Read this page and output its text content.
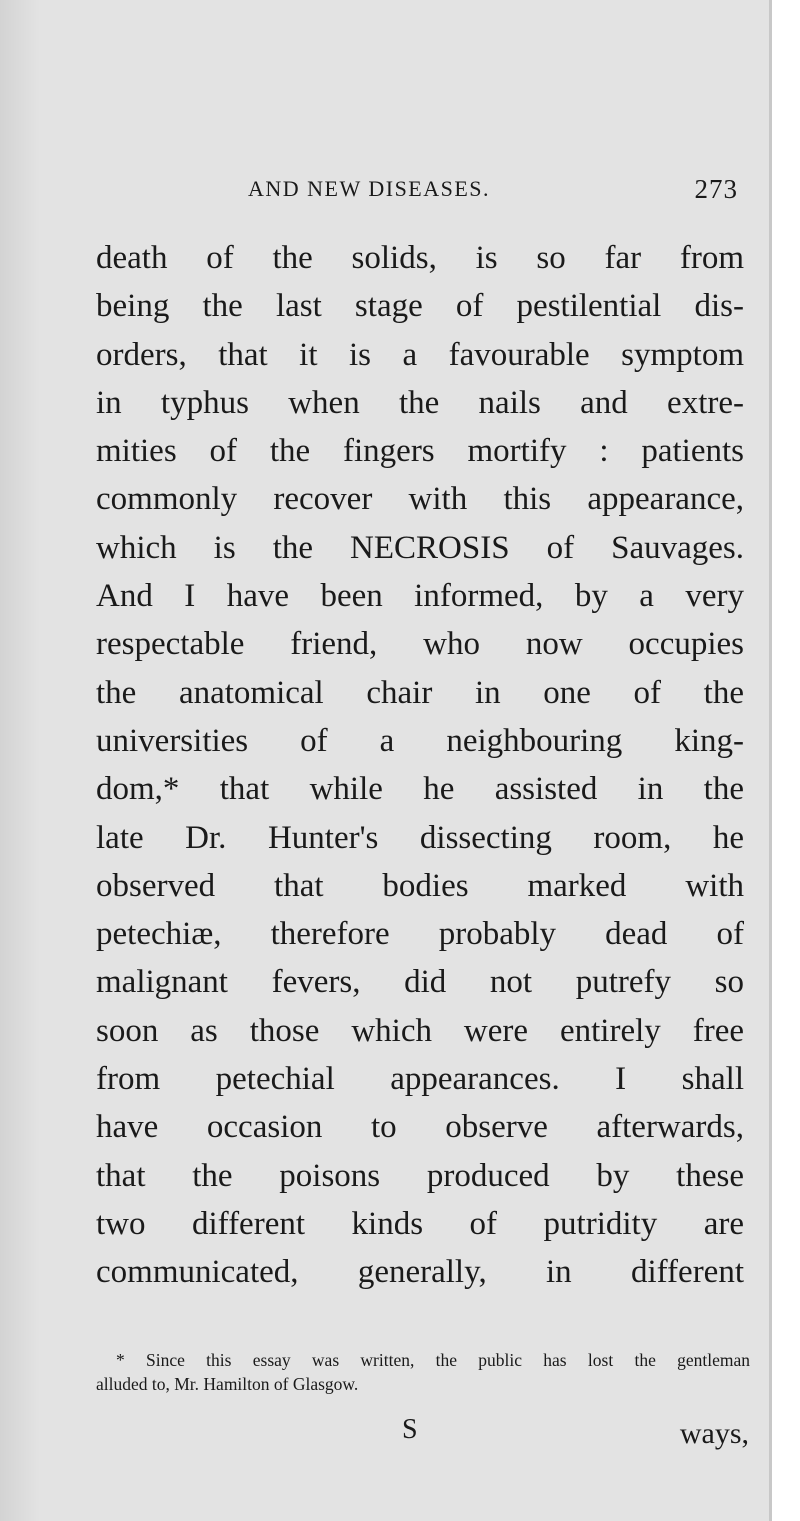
AND NEW DISEASES.	273
death of the solids, is so far from
being the last stage of pestilential dis-
orders, that it is a favourable symptom
in typhus when the nails and extre-
mities of the fingers mortify : patients
commonly recover with this appearance,
which is the NECROSIS of Sauvages.
And I have been informed, by a very
respectable friend, who now occupies
the anatomical chair in one of the
universities of a neighbouring king-
dom,* that while he assisted in the
late Dr. Hunter's dissecting room, he
observed that bodies marked with
petechiæ, therefore probably dead of
malignant fevers, did not putrefy so
soon as those which were entirely free
from petechial appearances. I shall
have occasion to observe afterwards,
that the poisons produced by these
two different kinds of putridity are
communicated, generally, in different
* Since this essay was written, the public has lost the gentleman
alluded to, Mr. Hamilton of Glasgow.
S	ways,
